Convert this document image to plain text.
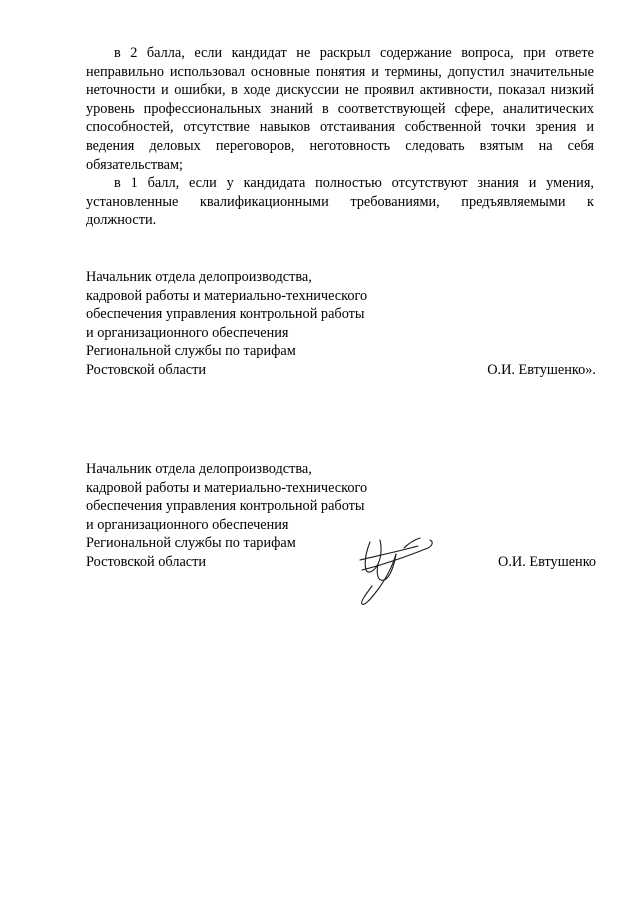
в 2 балла, если кандидат не раскрыл содержание вопроса, при ответе неправильно использовал основные понятия и термины, допустил значительные неточности и ошибки, в ходе дискуссии не проявил активности, показал низкий уровень профессиональных знаний в соответствующей сфере, аналитических способностей, отсутствие навыков отстаивания собственной точки зрения и ведения деловых переговоров, неготовность следовать взятым на себя обязательствам;

в 1 балл, если у кандидата полностью отсутствуют знания и умения, установленные квалификационными требованиями, предъявляемыми к должности.

Начальник отдела делопроизводства,
кадровой работы и материально-технического
обеспечения управления контрольной работы
и организационного обеспечения
Региональной службы по тарифам
Ростовской области	О.И. Евтушенко».
Начальник отдела делопроизводства,
кадровой работы и материально-технического
обеспечения управления контрольной работы
и организационного обеспечения
Региональной службы по тарифам
Ростовской области	О.И. Евтушенко
